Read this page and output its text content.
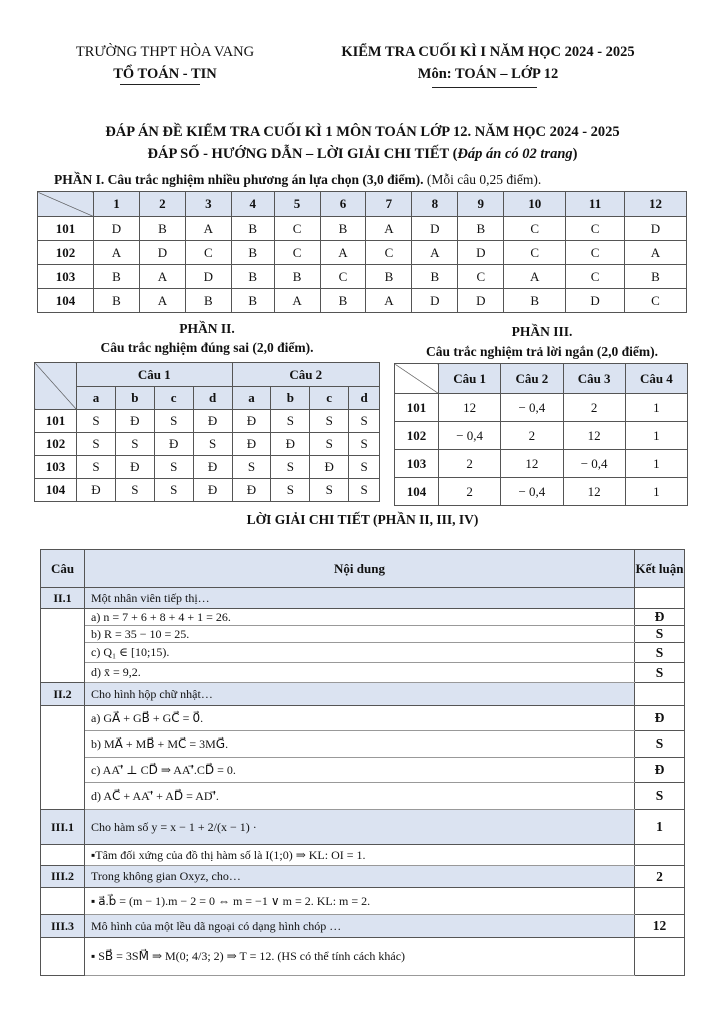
TRƯỜNG THPT HÒA VANG
TỔ TOÁN - TIN
KIỂM TRA CUỐI KÌ I NĂM HỌC 2024 - 2025
Môn: TOÁN – LỚP 12
ĐÁP ÁN ĐỀ KIỂM TRA CUỐI KÌ 1 MÔN TOÁN LỚP 12. NĂM HỌC 2024 - 2025
ĐÁP SỐ - HƯỚNG DẪN – LỜI GIẢI CHI TIẾT (Đáp án có 02 trang)
PHẦN I. Câu trắc nghiệm nhiều phương án lựa chọn (3,0 điểm). (Mỗi câu 0,25 điểm).
	1	2	3	4	5	6	7	8	9	10	11	12
101	D	B	A	B	C	B	A	D	B	C	C	D
102	A	D	C	B	C	A	C	A	D	C	C	A
103	B	A	D	B	B	C	B	B	C	A	C	B
104	B	A	B	B	A	B	A	D	D	B	D	C
PHẦN II.
Câu trắc nghiệm đúng sai (2,0 điểm).
	Câu 1				Câu 2			
	a	b	c	d	a	b	c	d
101	S	Đ	S	Đ	Đ	S	S	S
102	S	S	Đ	S	Đ	Đ	S	S
103	S	Đ	S	Đ	S	S	Đ	S
104	Đ	S	S	Đ	Đ	S	S	S
PHẦN III.
Câu trắc nghiệm trả lời ngắn (2,0 điểm).
	Câu 1	Câu 2	Câu 3	Câu 4
101	12	− 0,4	2	1
102	− 0,4	2	12	1
103	2	12	− 0,4	1
104	2	− 0,4	12	1
LỜI GIẢI CHI TIẾT (PHẦN II, III, IV)
Câu	Nội dung	Kết luận
II.1	Một nhân viên tiếp thị…	
	a) n = 7 + 6 + 8 + 4 + 1 = 26.	Đ
	b) R = 35 − 10 = 25.	S
	c) Q₁ ∈ [10;15).	S
	d) x̄ = 9,2.	S
II.2	Cho hình hộp chữ nhật…	
	a) GA⃗ + GB⃗ + GC⃗ = 0⃗.	Đ
	b) MA⃗ + MB⃗ + MC⃗ = 3MG⃗.	S
	c) AA'⃗ ⊥ CD⃗ ⇒ AA'⃗.CD⃗ = 0.	Đ
	d) AC⃗ + AA'⃗ + AD⃗ = AD'⃗.	S
III.1	Cho hàm số y = x − 1 + 2/(x − 1) ·	1
	▪Tâm đối xứng của đồ thị hàm số là I(1;0) ⇒ KL: OI = 1.	
III.2	Trong không gian Oxyz, cho…	2
	▪ a⃗.b⃗ = (m − 1).m − 2 = 0 ⇔ m = −1 ∨ m = 2. KL: m = 2.	
III.3	Mô hình của một lều dã ngoại có dạng hình chóp …	12
	▪ SB⃗ = 3SM⃗ ⇒ M(0; 4/3; 2) ⇒ T = 12. (HS có thể tính cách khác)	
